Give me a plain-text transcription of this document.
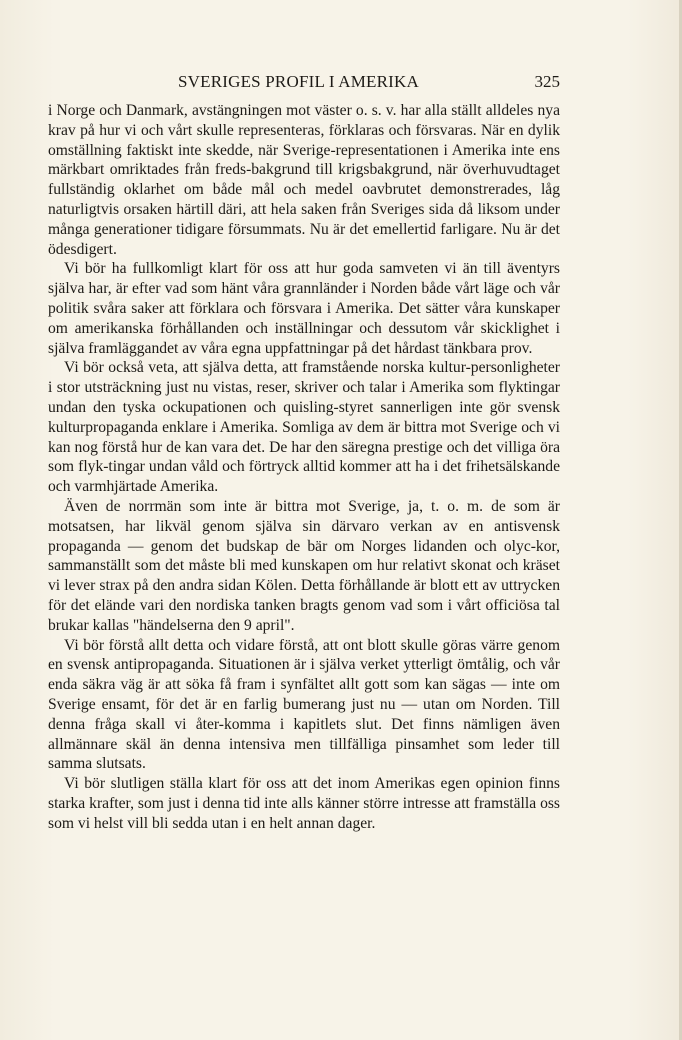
SVERIGES PROFIL I AMERIKA	325

i Norge och Danmark, avstängningen mot väster o. s. v. har alla ställt alldeles nya krav på hur vi och vårt skulle representeras, förklaras och försvaras. När en dylik omställning faktiskt inte skedde, när Sverige-representationen i Amerika inte ens märkbart omriktades från freds-bakgrund till krigsbakgrund, när överhuvudtaget fullständig oklarhet om både mål och medel oavbrutet demonstrerades, låg naturligtvis orsaken härtill däri, att hela saken från Sveriges sida då liksom under många generationer tidigare försummats. Nu är det emellertid farligare. Nu är det ödesdigert.

Vi bör ha fullkomligt klart för oss att hur goda samveten vi än till äventyrs själva har, är efter vad som hänt våra grannländer i Norden både vårt läge och vår politik svåra saker att förklara och försvara i Amerika. Det sätter våra kunskaper om amerikanska förhållanden och inställningar och dessutom vår skicklighet i själva framläggandet av våra egna uppfattningar på det hårdast tänkbara prov.

Vi bör också veta, att själva detta, att framstående norska kultur-personligheter i stor utsträckning just nu vistas, reser, skriver och talar i Amerika som flyktingar undan den tyska ockupationen och quisling-styret sannerligen inte gör svensk kulturpropaganda enklare i Amerika. Somliga av dem är bittra mot Sverige och vi kan nog förstå hur de kan vara det. De har den säregna prestige och det villiga öra som flyk-tingar undan våld och förtryck alltid kommer att ha i det frihetsälskande och varmhjärtade Amerika.

Även de norrmän som inte är bittra mot Sverige, ja, t. o. m. de som är motsatsen, har likväl genom själva sin därvaro verkan av en antisvensk propaganda — genom det budskap de bär om Norges lidanden och olyc-kor, sammanställt som det måste bli med kunskapen om hur relativt skonat och kräset vi lever strax på den andra sidan Kölen. Detta förhållande är blott ett av uttrycken för det elände vari den nordiska tanken bragts genom vad som i vårt officiösa tal brukar kallas "händelserna den 9 april".

Vi bör förstå allt detta och vidare förstå, att ont blott skulle göras värre genom en svensk antipropaganda. Situationen är i själva verket ytterligt ömtålig, och vår enda säkra väg är att söka få fram i synfältet allt gott som kan sägas — inte om Sverige ensamt, för det är en farlig bumerang just nu — utan om Norden. Till denna fråga skall vi åter-komma i kapitlets slut. Det finns nämligen även allmännare skäl än denna intensiva men tillfälliga pinsamhet som leder till samma slutsats.

Vi bör slutligen ställa klart för oss att det inom Amerikas egen opinion finns starka krafter, som just i denna tid inte alls känner större intresse att framställa oss som vi helst vill bli sedda utan i en helt annan dager.
